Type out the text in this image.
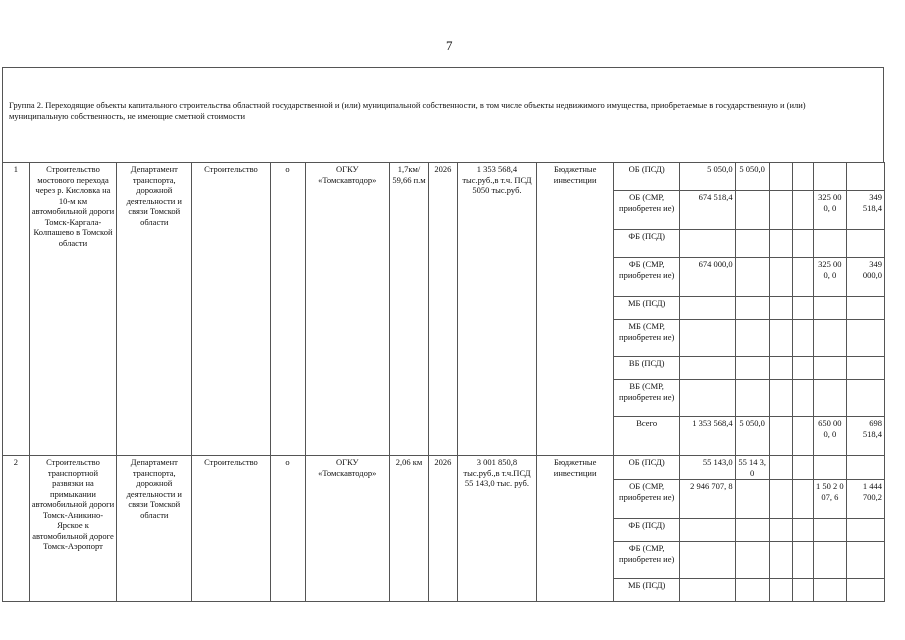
7
Группа 2. Переходящие объекты капитального строительства областной государственной и (или) муниципальной собственности, в том числе объекты недвижимого имущества, приобретаемые в государственную и (или) муниципальную собственность, не имеющие сметной стоимости
1	Строительство мостового перехода через р. Кисловка на 10-м км автомобильной дороги Томск-Каргала-Колпашево в Томской области	Департамент транспорта, дорожной деятельности и связи Томской области	Строительство	о	ОГКУ «Томскавтодор»	1,7км/ 59,66 п.м	2026	1 353 568,4 тыс.руб.,в т.ч. ПСД 5050 тыс.руб.	Бюджетные инвестиции	ОБ (ПСД)	5 050,0	5 050,0				
										ОБ (СМР, приобретен ие)	674 518,4				325 000, 0	349 518,4
										ФБ (ПСД)						
										ФБ (СМР, приобретен ие)	674 000,0				325 000, 0	349 000,0
										МБ (ПСД)						
										МБ (СМР, приобретен ие)						
										ВБ (ПСД)						
										ВБ (СМР, приобретен ие)						
										Всего	1 353 568,4	5 050,0			650 000, 0	698 518,4
2	Строительство транспортной развязки на примыкании автомобильной дороги Томск-Аникино-Ярское к автомобильной дороге Томск-Аэропорт	Департамент транспорта, дорожной деятельности и связи Томской области	Строительство	о	ОГКУ «Томскавтодор»	2,06 км	2026	3 001 850,8 тыс.руб.,в т.ч.ПСД 55 143,0 тыс. руб.	Бюджетные инвестиции	ОБ (ПСД)	55 143,0	55 14 3,0				
										ОБ (СМР, приобретен ие)	2 946 707, 8				1 50 2 007, 6	1 444 700,2
										ФБ (ПСД)						
										ФБ (СМР, приобретен ие)						
										МБ (ПСД)						
